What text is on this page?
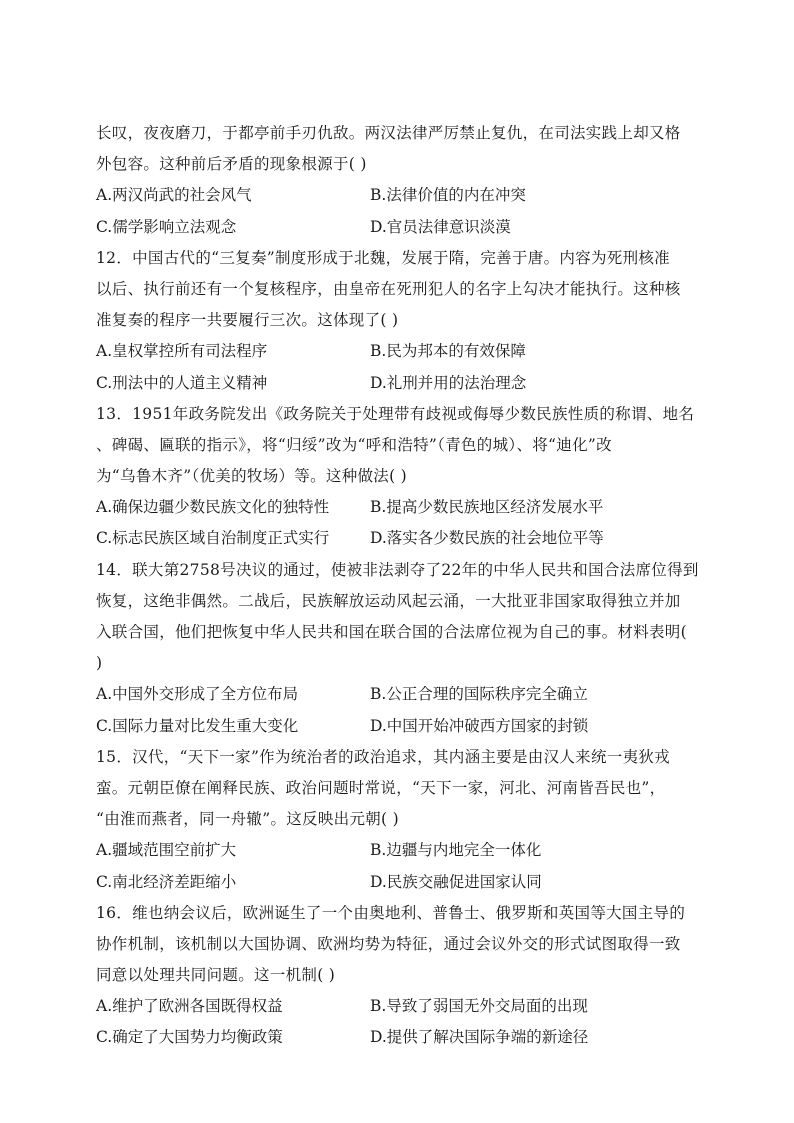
长叹，夜夜磨刀，于都亭前手刃仇敌。两汉法律严厉禁止复仇，在司法实践上却又格
外包容。这种前后矛盾的现象根源于( )
A.两汉尚武的社会风气	B.法律价值的内在冲突
C.儒学影响立法观念	D.官员法律意识淡漠
12．中国古代的“三复奏”制度形成于北魏，发展于隋，完善于唐。内容为死刑核准
以后、执行前还有一个复核程序，由皇帝在死刑犯人的名字上勾决才能执行。这种核
准复奏的程序一共要履行三次。这体现了( )
A.皇权掌控所有司法程序	B.民为邦本的有效保障
C.刑法中的人道主义精神	D.礼刑并用的法治理念
13．1951年政务院发出《政务院关于处理带有歧视或侮辱少数民族性质的称谓、地名
、碑碣、匾联的指示》，将“归绥”改为“呼和浩特”（青色的城）、将“迪化”改
为“乌鲁木齐”（优美的牧场）等。这种做法( )
A.确保边疆少数民族文化的独特性	B.提高少数民族地区经济发展水平
C.标志民族区域自治制度正式实行	D.落实各少数民族的社会地位平等
14．联大第2758号决议的通过，使被非法剥夺了22年的中华人民共和国合法席位得到
恢复，这绝非偶然。二战后，民族解放运动风起云涌，一大批亚非国家取得独立并加
入联合国，他们把恢复中华人民共和国在联合国的合法席位视为自己的事。材料表明(
)
A.中国外交形成了全方位布局	B.公正合理的国际秩序完全确立
C.国际力量对比发生重大变化	D.中国开始冲破西方国家的封锁
15．汉代，“天下一家”作为统治者的政治追求，其内涵主要是由汉人来统一夷狄戎
蛮。元朝臣僚在阐释民族、政治问题时常说，“天下一家，河北、河南皆吾民也”，
“由淮而燕者，同一舟辙”。这反映出元朝( )
A.疆域范围空前扩大	B.边疆与内地完全一体化
C.南北经济差距缩小	D.民族交融促进国家认同
16．维也纳会议后，欧洲诞生了一个由奥地利、普鲁士、俄罗斯和英国等大国主导的
协作机制，该机制以大国协调、欧洲均势为特征，通过会议外交的形式试图取得一致
同意以处理共同问题。这一机制( )
A.维护了欧洲各国既得权益	B.导致了弱国无外交局面的出现
C.确定了大国势力均衡政策	D.提供了解决国际争端的新途径
